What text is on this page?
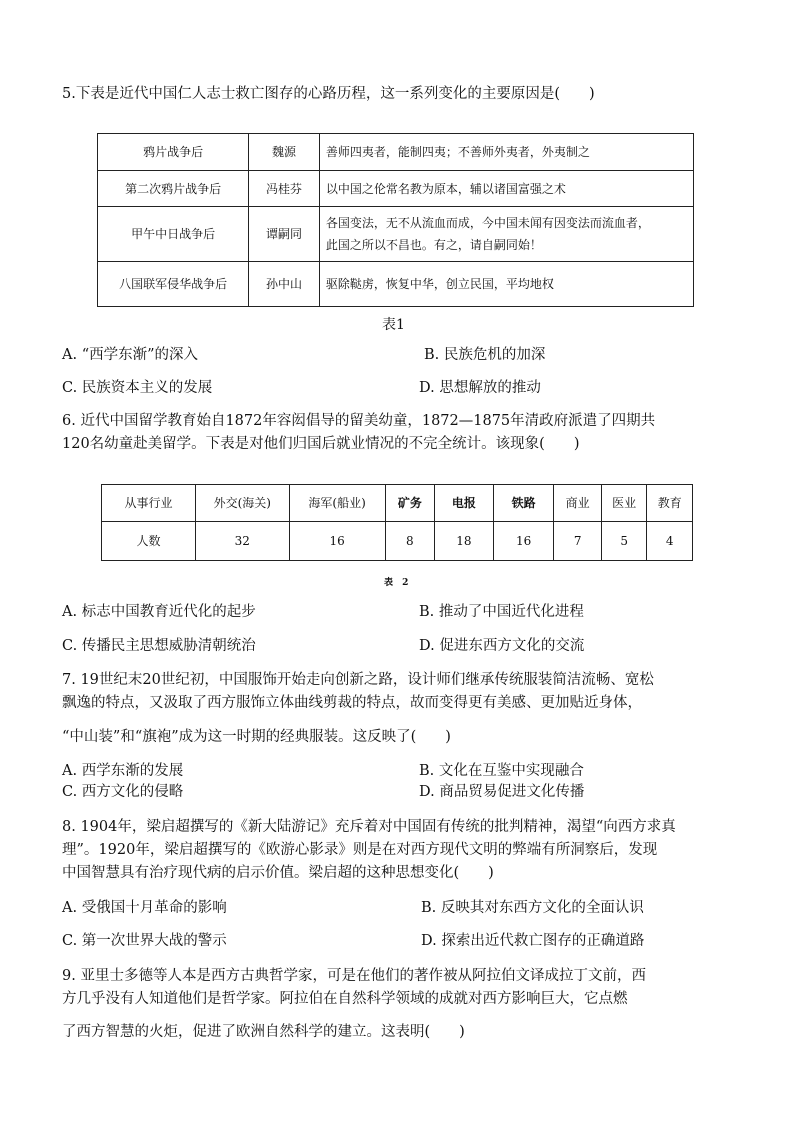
5.下表是近代中国仁人志士救亡图存的心路历程，这一系列变化的主要原因是(　　)
鸦片战争后	魏源	善师四夷者，能制四夷；不善师外夷者，外夷制之
第二次鸦片战争后	冯桂芬	以中国之伦常名教为原本，辅以诸国富强之术
甲午中日战争后	谭嗣同	各国变法，无不从流血而成，今中国未闻有因变法而流血者，
此国之所以不昌也。有之，请自嗣同始！

八国联军侵华战争后	孙中山	驱除鞑虏，恢复中华，创立民国，平均地权
表1
A. “西学东渐”的深入	B. 民族危机的加深
C. 民族资本主义的发展	D. 思想解放的推动
6. 近代中国留学教育始自1872年容闳倡导的留美幼童，1872—1875年清政府派遣了四期共
120名幼童赴美留学。下表是对他们归国后就业情况的不完全统计。该现象(　　)
从事行业	外交(海关)	海军(船业)	矿务	电报	铁路	商业	医业	教育
人数	32	16	8	18	16	7	5	4
表 2
A. 标志中国教育近代化的起步	B. 推动了中国近代化进程
C. 传播民主思想威胁清朝统治	D. 促进东西方文化的交流
7. 19世纪末20世纪初，中国服饰开始走向创新之路，设计师们继承传统服装简洁流畅、宽松
飘逸的特点，又汲取了西方服饰立体曲线剪裁的特点，故而变得更有美感、更加贴近身体，
“中山装”和“旗袍”成为这一时期的经典服装。这反映了(　　)
A. 西学东渐的发展	B. 文化在互鉴中实现融合
C. 西方文化的侵略	D. 商品贸易促进文化传播
8. 1904年，梁启超撰写的《新大陆游记》充斥着对中国固有传统的批判精神，渴望“向西方求真
理”。1920年，梁启超撰写的《欧游心影录》则是在对西方现代文明的弊端有所洞察后，发现
中国智慧具有治疗现代病的启示价值。梁启超的这种思想变化(　　)
A. 受俄国十月革命的影响	B. 反映其对东西方文化的全面认识
C. 第一次世界大战的警示	D. 探索出近代救亡图存的正确道路
9. 亚里士多德等人本是西方古典哲学家，可是在他们的著作被从阿拉伯文译成拉丁文前，西
方几乎没有人知道他们是哲学家。阿拉伯在自然科学领域的成就对西方影响巨大，它点燃
了西方智慧的火炬，促进了欧洲自然科学的建立。这表明(　　)
